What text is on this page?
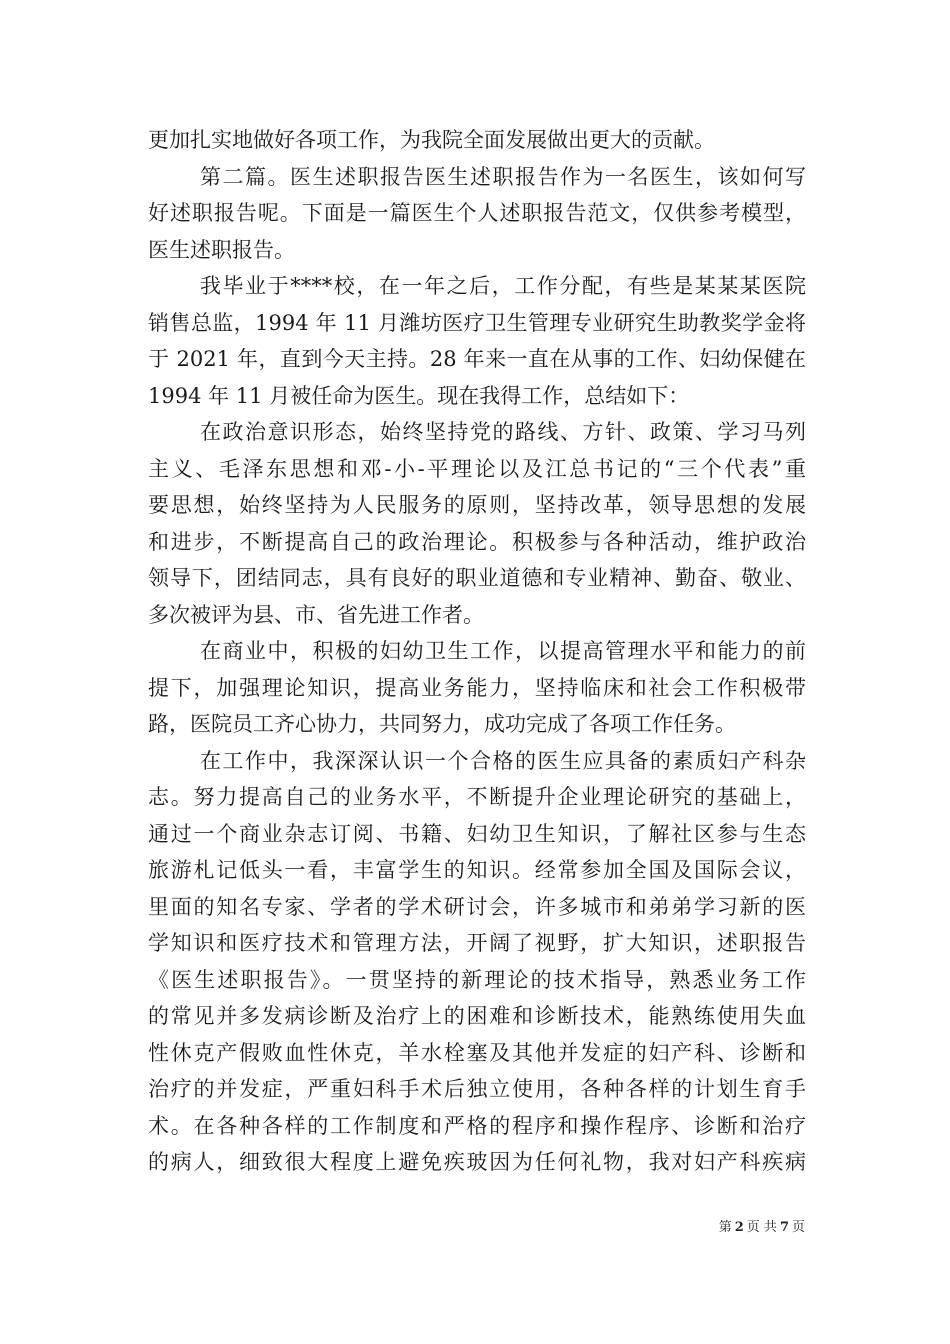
更加扎实地做好各项工作，为我院全面发展做出更大的贡献。
第二篇。医生述职报告医生述职报告作为一名医生，该如何写
好述职报告呢。下面是一篇医生个人述职报告范文，仅供参考模型，
医生述职报告。
我毕业于****校，在一年之后，工作分配，有些是某某某医院
销售总监，1994 年 11 月潍坊医疗卫生管理专业研究生助教奖学金将
于 2021 年，直到今天主持。28 年来一直在从事的工作、妇幼保健在
1994 年 11 月被任命为医生。现在我得工作，总结如下：
在政治意识形态，始终坚持党的路线、方针、政策、学习马列
主义、毛泽东思想和邓-小-平理论以及江总书记的“三个代表”重
要思想，始终坚持为人民服务的原则，坚持改革，领导思想的发展
和进步，不断提高自己的政治理论。积极参与各种活动，维护政治
领导下，团结同志，具有良好的职业道德和专业精神、勤奋、敬业、
多次被评为县、市、省先进工作者。
在商业中，积极的妇幼卫生工作，以提高管理水平和能力的前
提下，加强理论知识，提高业务能力，坚持临床和社会工作积极带
路，医院员工齐心协力，共同努力，成功完成了各项工作任务。
在工作中，我深深认识一个合格的医生应具备的素质妇产科杂
志。努力提高自己的业务水平，不断提升企业理论研究的基础上，
通过一个商业杂志订阅、书籍、妇幼卫生知识，了解社区参与生态
旅游札记低头一看，丰富学生的知识。经常参加全国及国际会议，
里面的知名专家、学者的学术研讨会，许多城市和弟弟学习新的医
学知识和医疗技术和管理方法，开阔了视野，扩大知识，述职报告
《医生述职报告》。一贯坚持的新理论的技术指导，熟悉业务工作
的常见并多发病诊断及治疗上的困难和诊断技术，能熟练使用失血
性休克产假败血性休克，羊水栓塞及其他并发症的妇产科、诊断和
治疗的并发症，严重妇科手术后独立使用，各种各样的计划生育手
术。在各种各样的工作制度和严格的程序和操作程序、诊断和治疗
的病人，细致很大程度上避免疾玻因为任何礼物，我对妇产科疾病
第 2 页 共 7 页
